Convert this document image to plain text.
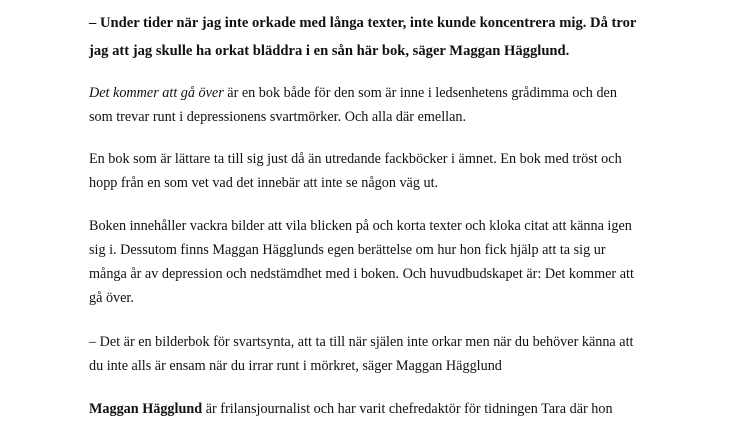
– Under tider när jag inte orkade med långa texter, inte kunde koncentrera mig. Då tror
jag att jag skulle ha orkat bläddra i en sån här bok, säger Maggan Hägglund.

Det kommer att gå över är en bok både för den som är inne i ledsenhetens grådimma och den
som trevar runt i depressionens svartmörker. Och alla där emellan.

En bok som är lättare ta till sig just då än utredande fackböcker i ämnet. En bok med tröst och
hopp från en som vet vad det innebär att inte se någon väg ut.

Boken innehåller vackra bilder att vila blicken på och korta texter och kloka citat att känna igen
sig i. Dessutom finns Maggan Hägglunds egen berättelse om hur hon fick hjälp att ta sig ur
många år av depression och nedstämdhet med i boken. Och huvudbudskapet är: Det kommer att
gå över.

– Det är en bilderbok för svartsynta, att ta till när själen inte orkar men när du behöver känna att
du inte alls är ensam när du irrar runt i mörkret, säger Maggan Hägglund

Maggan Hägglund är frilansjournalist och har varit chefredaktör för tidningen Tara där hon
